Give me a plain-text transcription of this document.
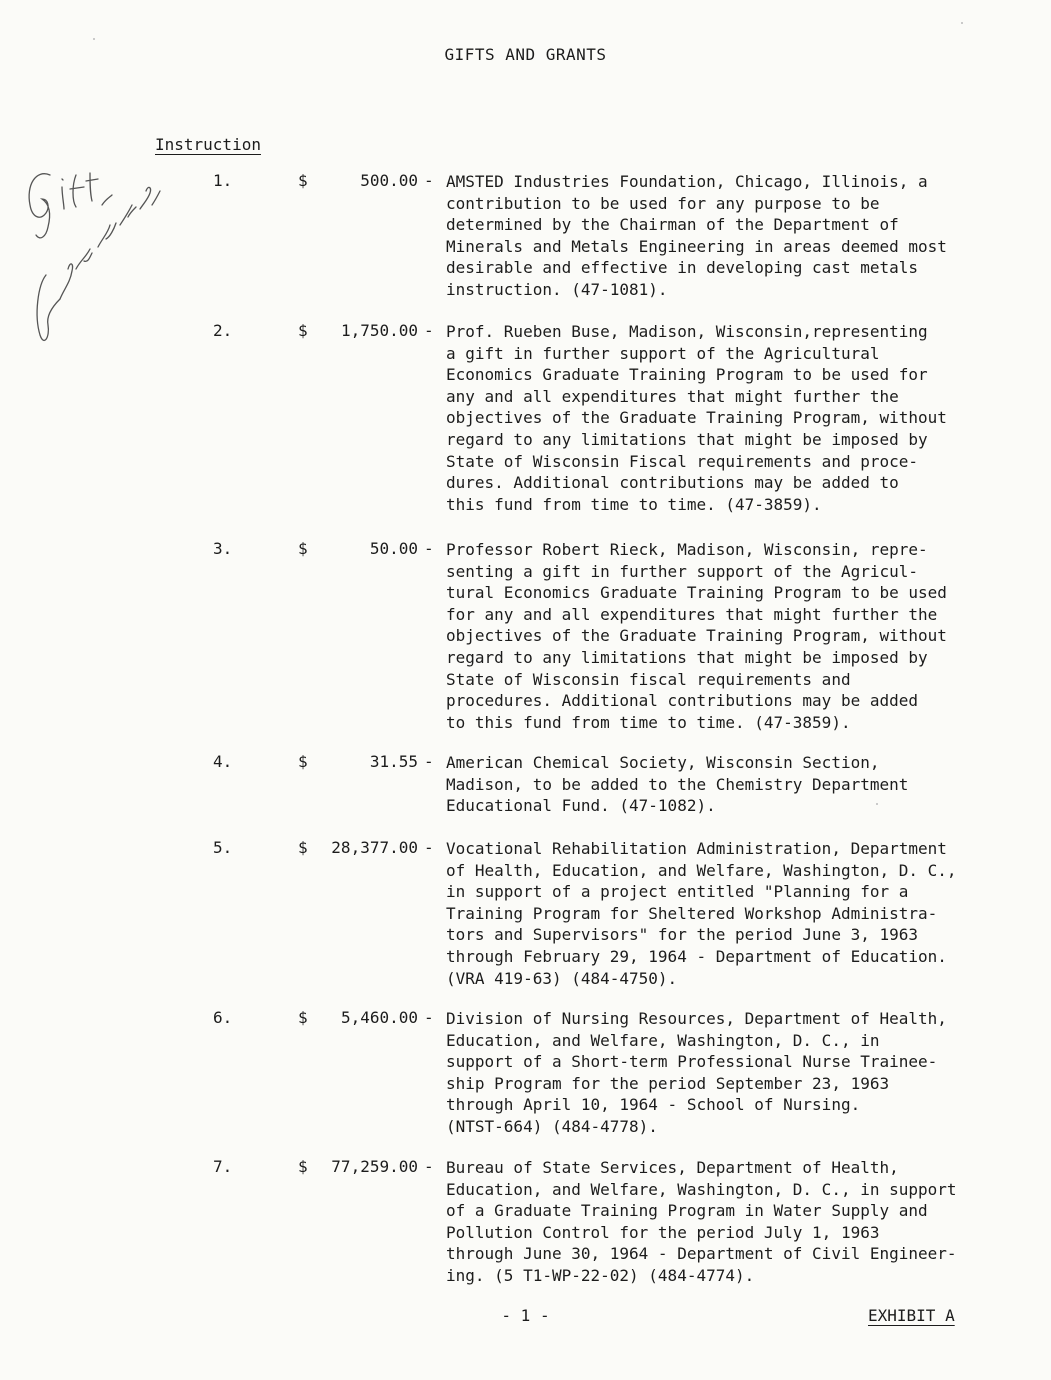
GIFTS AND GRANTS
Instruction
1.	$	500.00 - AMSTED Industries Foundation, Chicago, Illinois, a
contribution to be used for any purpose to be
determined by the Chairman of the Department of
Minerals and Metals Engineering in areas deemed most
desirable and effective in developing cast metals
instruction. (47-1081).
2.	$	1,750.00 - Prof. Rueben Buse, Madison, Wisconsin,representing
a gift in further support of the Agricultural
Economics Graduate Training Program to be used for
any and all expenditures that might further the
objectives of the Graduate Training Program, without
regard to any limitations that might be imposed by
State of Wisconsin Fiscal requirements and proce-
dures. Additional contributions may be added to
this fund from time to time. (47-3859).
3.	$	50.00 - Professor Robert Rieck, Madison, Wisconsin, repre-
senting a gift in further support of the Agricul-
tural Economics Graduate Training Program to be used
for any and all expenditures that might further the
objectives of the Graduate Training Program, without
regard to any limitations that might be imposed by
State of Wisconsin fiscal requirements and
procedures. Additional contributions may be added
to this fund from time to time. (47-3859).
4.	$	31.55 - American Chemical Society, Wisconsin Section,
Madison, to be added to the Chemistry Department
Educational Fund. (47-1082).
5.	$	28,377.00 - Vocational Rehabilitation Administration, Department
of Health, Education, and Welfare, Washington, D. C.,
in support of a project entitled "Planning for a
Training Program for Sheltered Workshop Administra-
tors and Supervisors" for the period June 3, 1963
through February 29, 1964 - Department of Education.
(VRA 419-63) (484-4750).
6.	$	5,460.00 - Division of Nursing Resources, Department of Health,
Education, and Welfare, Washington, D. C., in
support of a Short-term Professional Nurse Trainee-
ship Program for the period September 23, 1963
through April 10, 1964 - School of Nursing.
(NTST-664) (484-4778).
7.	$	77,259.00 - Bureau of State Services, Department of Health,
Education, and Welfare, Washington, D. C., in support
of a Graduate Training Program in Water Supply and
Pollution Control for the period July 1, 1963
through June 30, 1964 - Department of Civil Engineer-
ing. (5 T1-WP-22-02) (484-4774).
- 1 -	EXHIBIT A
